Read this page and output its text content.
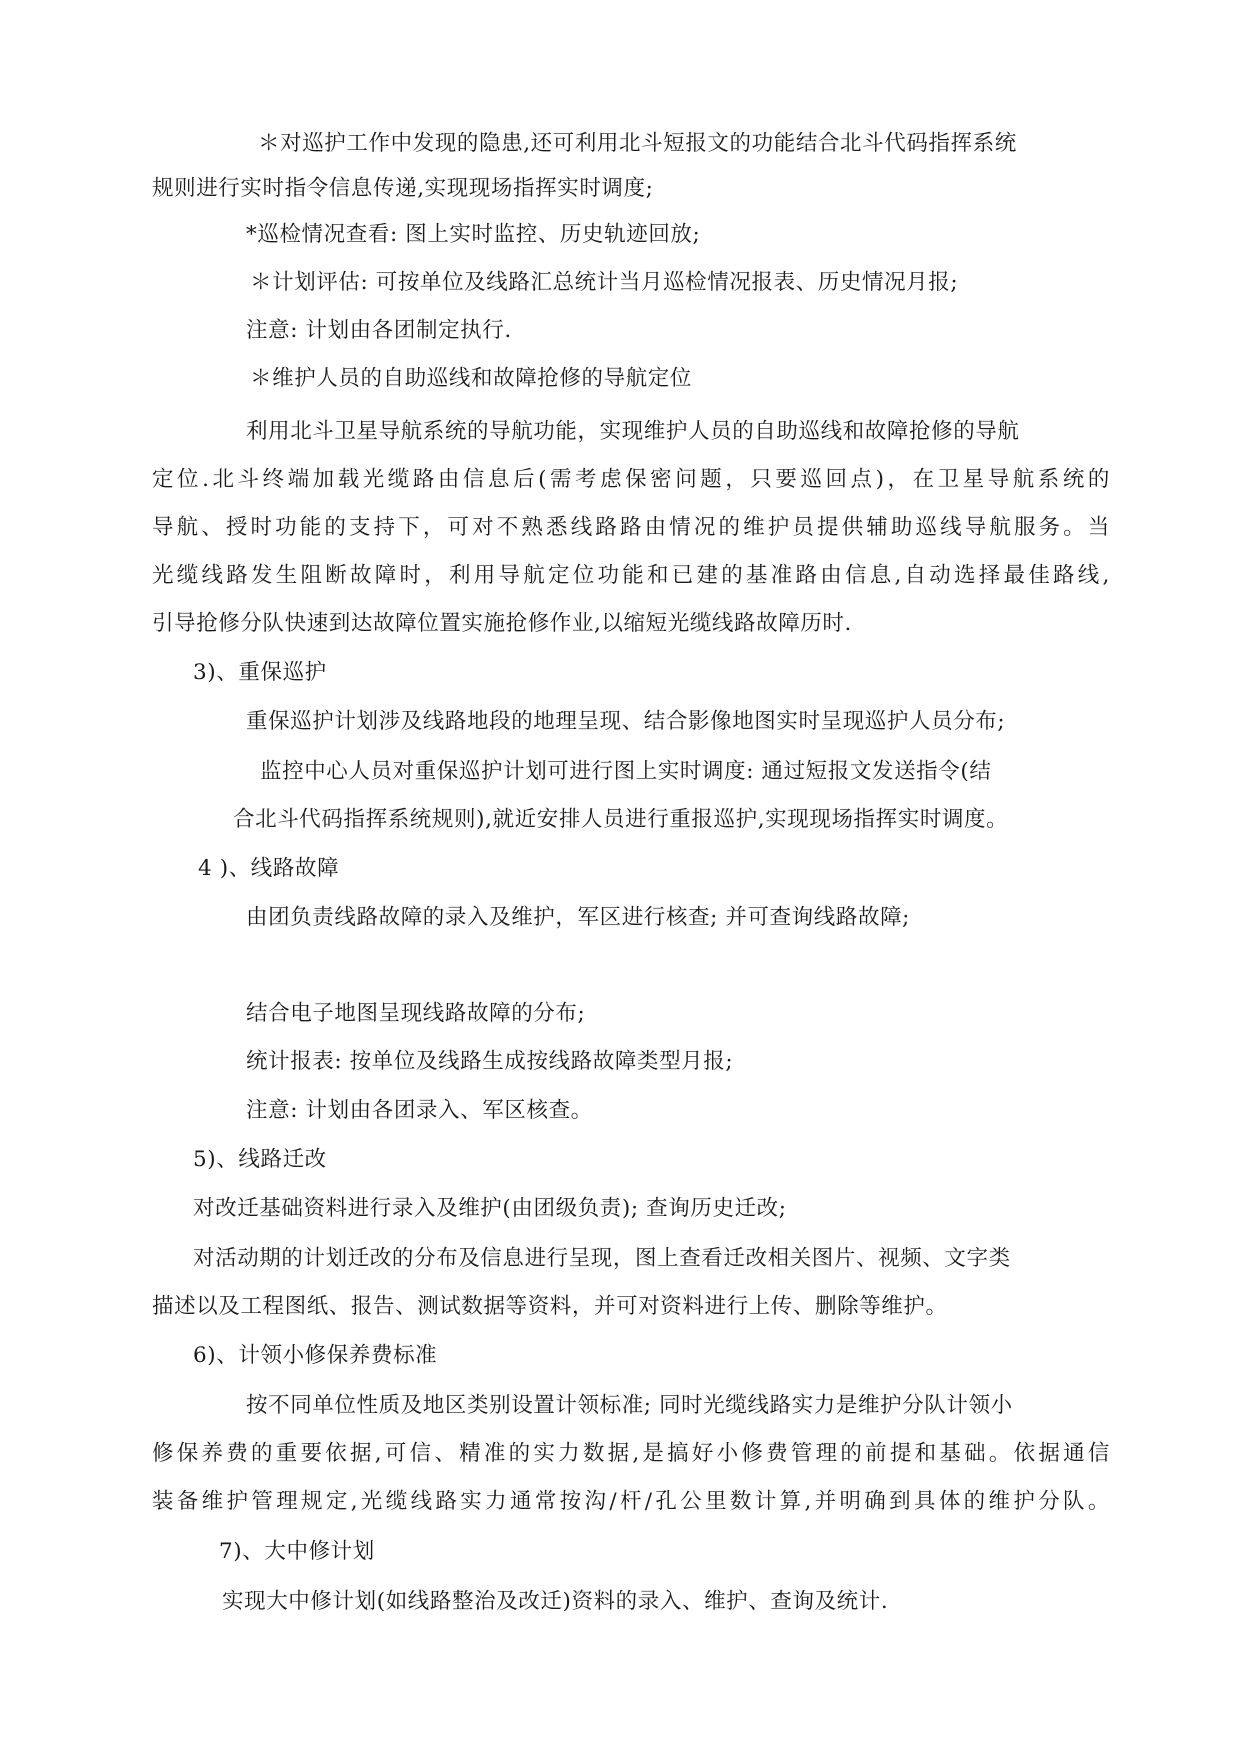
＊对巡护工作中发现的隐患,还可利用北斗短报文的功能结合北斗代码指挥系统
规则进行实时指令信息传递,实现现场指挥实时调度;
*巡检情况查看: 图上实时监控、历史轨迹回放;
＊计划评估: 可按单位及线路汇总统计当月巡检情况报表、历史情况月报;
注意: 计划由各团制定执行.
＊维护人员的自助巡线和故障抢修的导航定位
利用北斗卫星导航系统的导航功能，实现维护人员的自助巡线和故障抢修的导航
定位.北斗终端加载光缆路由信息后(需考虑保密问题，只要巡回点)，在卫星导航系统的
导航、授时功能的支持下，可对不熟悉线路路由情况的维护员提供辅助巡线导航服务。当
光缆线路发生阻断故障时，利用导航定位功能和已建的基准路由信息,自动选择最佳路线,
引导抢修分队快速到达故障位置实施抢修作业,以缩短光缆线路故障历时.
3)、重保巡护
重保巡护计划涉及线路地段的地理呈现、结合影像地图实时呈现巡护人员分布;
监控中心人员对重保巡护计划可进行图上实时调度: 通过短报文发送指令(结
合北斗代码指挥系统规则),就近安排人员进行重报巡护,实现现场指挥实时调度。
4 )、线路故障
由团负责线路故障的录入及维护，军区进行核查; 并可查询线路故障;
结合电子地图呈现线路故障的分布;
统计报表: 按单位及线路生成按线路故障类型月报;
注意: 计划由各团录入、军区核查。
5)、线路迁改
对改迁基础资料进行录入及维护(由团级负责); 查询历史迁改;
对活动期的计划迁改的分布及信息进行呈现，图上查看迁改相关图片、视频、文字类
描述以及工程图纸、报告、测试数据等资料，并可对资料进行上传、删除等维护。
6)、计领小修保养费标准
按不同单位性质及地区类别设置计领标准; 同时光缆线路实力是维护分队计领小
修保养费的重要依据,可信、精准的实力数据,是搞好小修费管理的前提和基础。依据通信
装备维护管理规定,光缆线路实力通常按沟/杆/孔公里数计算,并明确到具体的维护分队。
7)、大中修计划
实现大中修计划(如线路整治及改迁)资料的录入、维护、查询及统计.
